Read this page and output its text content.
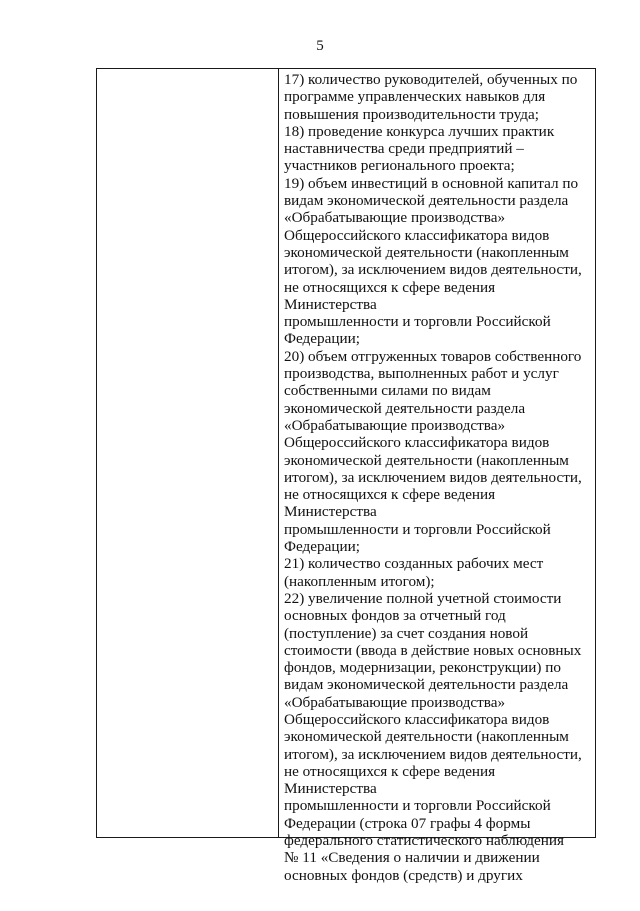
5

17) количество руководителей, обученных по
программе управленческих навыков для
повышения производительности труда;

18) проведение конкурса лучших практик
наставничества среди предприятий –
участников регионального проекта;

19) объем инвестиций в основной капитал по
видам экономической деятельности раздела
«Обрабатывающие производства»
Общероссийского классификатора видов
экономической деятельности (накопленным
итогом), за исключением видов деятельности,
не относящихся к сфере ведения Министерства
промышленности и торговли Российской
Федерации;

20) объем отгруженных товаров собственного
производства, выполненных работ и услуг
собственными силами по видам
экономической деятельности раздела
«Обрабатывающие производства»
Общероссийского классификатора видов
экономической деятельности (накопленным
итогом), за исключением видов деятельности,
не относящихся к сфере ведения Министерства
промышленности и торговли Российской
Федерации;

21) количество созданных рабочих мест
(накопленным итогом);

22) увеличение полной учетной стоимости
основных фондов за отчетный год
(поступление) за счет создания новой
стоимости (ввода в действие новых основных
фондов, модернизации, реконструкции) по
видам экономической деятельности раздела
«Обрабатывающие производства»
Общероссийского классификатора видов
экономической деятельности (накопленным
итогом), за исключением видов деятельности,
не относящихся к сфере ведения Министерства
промышленности и торговли Российской
Федерации (строка 07 графы 4 формы
федерального статистического наблюдения
№ 11 «Сведения о наличии и движении
основных фондов (средств) и других
